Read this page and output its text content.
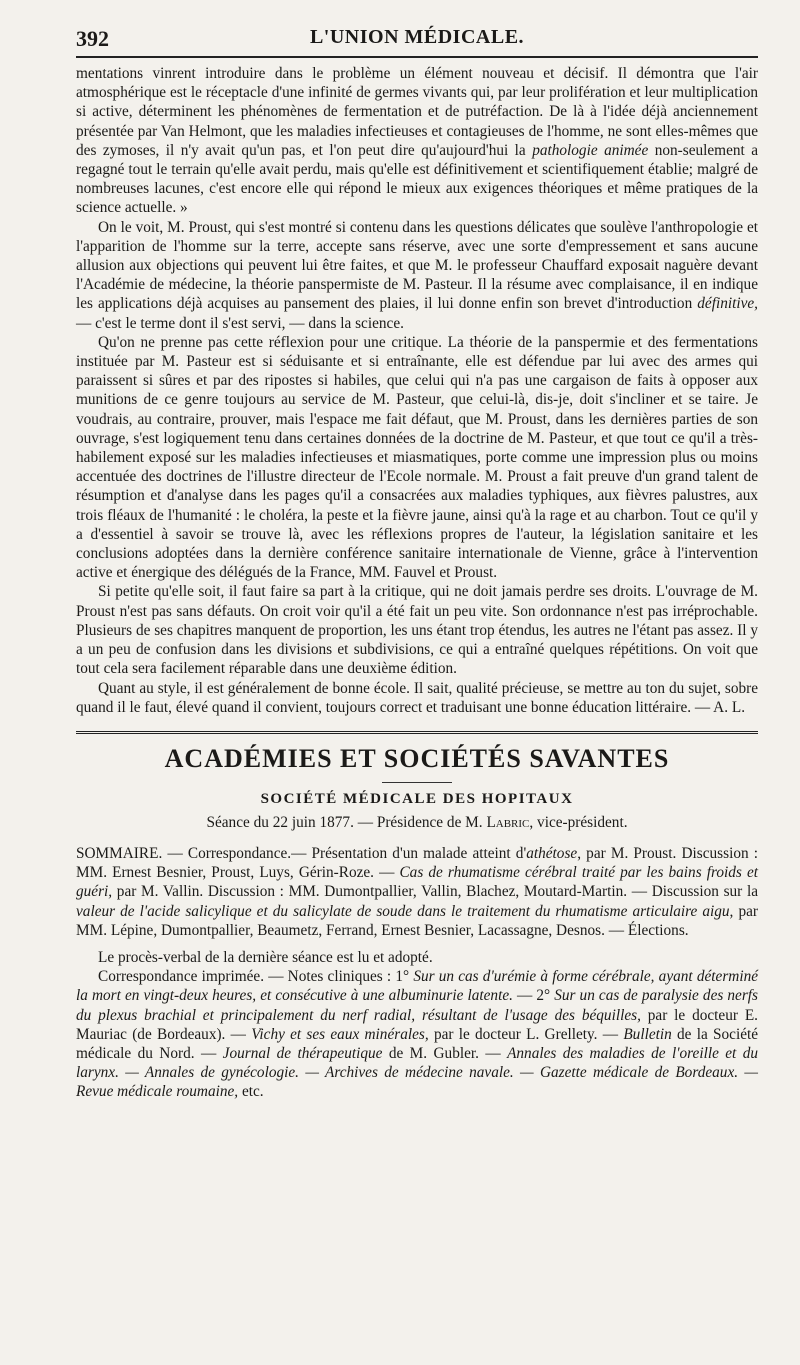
392	L'UNION MÉDICALE.

mentations vinrent introduire dans le problème un élément nouveau et décisif. Il démontra que l'air atmosphérique est le réceptacle d'une infinité de germes vivants qui, par leur prolifération et leur multiplication si active, déterminent les phénomènes de fermentation et de putréfaction. De là à l'idée déjà anciennement présentée par Van Helmont, que les maladies infectieuses et contagieuses de l'homme, ne sont elles-mêmes que des zymoses, il n'y avait qu'un pas, et l'on peut dire qu'aujourd'hui la pathologie animée non-seulement a regagné tout le terrain qu'elle avait perdu, mais qu'elle est définitivement et scientifiquement établie; malgré de nombreuses lacunes, c'est encore elle qui répond le mieux aux exigences théoriques et même pratiques de la science actuelle. »

On le voit, M. Proust, qui s'est montré si contenu dans les questions délicates que soulève l'anthropologie et l'apparition de l'homme sur la terre, accepte sans réserve, avec une sorte d'empressement et sans aucune allusion aux objections qui peuvent lui être faites, et que M. le professeur Chauffard exposait naguère devant l'Académie de médecine, la théorie panspermiste de M. Pasteur. Il la résume avec complaisance, il en indique les applications déjà acquises au pansement des plaies, il lui donne enfin son brevet d'introduction définitive, — c'est le terme dont il s'est servi, — dans la science.

Qu'on ne prenne pas cette réflexion pour une critique. La théorie de la panspermie et des fermentations instituée par M. Pasteur est si séduisante et si entraînante, elle est défendue par lui avec des armes qui paraissent si sûres et par des ripostes si habiles, que celui qui n'a pas une cargaison de faits à opposer aux munitions de ce genre toujours au service de M. Pasteur, que celui-là, dis-je, doit s'incliner et se taire. Je voudrais, au contraire, prouver, mais l'espace me fait défaut, que M. Proust, dans les dernières parties de son ouvrage, s'est logiquement tenu dans certaines données de la doctrine de M. Pasteur, et que tout ce qu'il a très-habilement exposé sur les maladies infectieuses et miasmatiques, porte comme une impression plus ou moins accentuée des doctrines de l'illustre directeur de l'Ecole normale. M. Proust a fait preuve d'un grand talent de résumption et d'analyse dans les pages qu'il a consacrées aux maladies typhiques, aux fièvres palustres, aux trois fléaux de l'humanité : le choléra, la peste et la fièvre jaune, ainsi qu'à la rage et au charbon. Tout ce qu'il y a d'essentiel à savoir se trouve là, avec les réflexions propres de l'auteur, la législation sanitaire et les conclusions adoptées dans la dernière conférence sanitaire internationale de Vienne, grâce à l'intervention active et énergique des délégués de la France, MM. Fauvel et Proust.

Si petite qu'elle soit, il faut faire sa part à la critique, qui ne doit jamais perdre ses droits. L'ouvrage de M. Proust n'est pas sans défauts. On croit voir qu'il a été fait un peu vite. Son ordonnance n'est pas irréprochable. Plusieurs de ses chapitres manquent de proportion, les uns étant trop étendus, les autres ne l'étant pas assez. Il y a un peu de confusion dans les divisions et subdivisions, ce qui a entraîné quelques répétitions. On voit que tout cela sera facilement réparable dans une deuxième édition.

Quant au style, il est généralement de bonne école. Il sait, qualité précieuse, se mettre au ton du sujet, sobre quand il le faut, élevé quand il convient, toujours correct et traduisant une bonne éducation littéraire. — A. L.

ACADÉMIES ET SOCIÉTÉS SAVANTES
SOCIÉTÉ MÉDICALE DES HOPITAUX
Séance du 22 juin 1877. — Présidence de M. Labric, vice-président.
SOMMAIRE. — Correspondance.— Présentation d'un malade atteint d'athétose, par M. Proust. Discussion : MM. Ernest Besnier, Proust, Luys, Gérin-Roze. — Cas de rhumatisme cérébral traité par les bains froids et guéri, par M. Vallin. Discussion : MM. Dumontpallier, Vallin, Blachez, Moutard-Martin. — Discussion sur la valeur de l'acide salicylique et du salicylate de soude dans le traitement du rhumatisme articulaire aigu, par MM. Lépine, Dumontpallier, Beaumetz, Ferrand, Ernest Besnier, Lacassagne, Desnos. — Élections.

Le procès-verbal de la dernière séance est lu et adopté.

Correspondance imprimée. — Notes cliniques : 1° Sur un cas d'urémie à forme cérébrale, ayant déterminé la mort en vingt-deux heures, et consécutive à une albuminurie latente. — 2° Sur un cas de paralysie des nerfs du plexus brachial et principalement du nerf radial, résultant de l'usage des béquilles, par le docteur E. Mauriac (de Bordeaux). — Vichy et ses eaux minérales, par le docteur L. Grellety. — Bulletin de la Société médicale du Nord. — Journal de thérapeutique de M. Gubler. — Annales des maladies de l'oreille et du larynx. — Annales de gynécologie. — Archives de médecine navale. — Gazette médicale de Bordeaux. — Revue médicale roumaine, etc.
